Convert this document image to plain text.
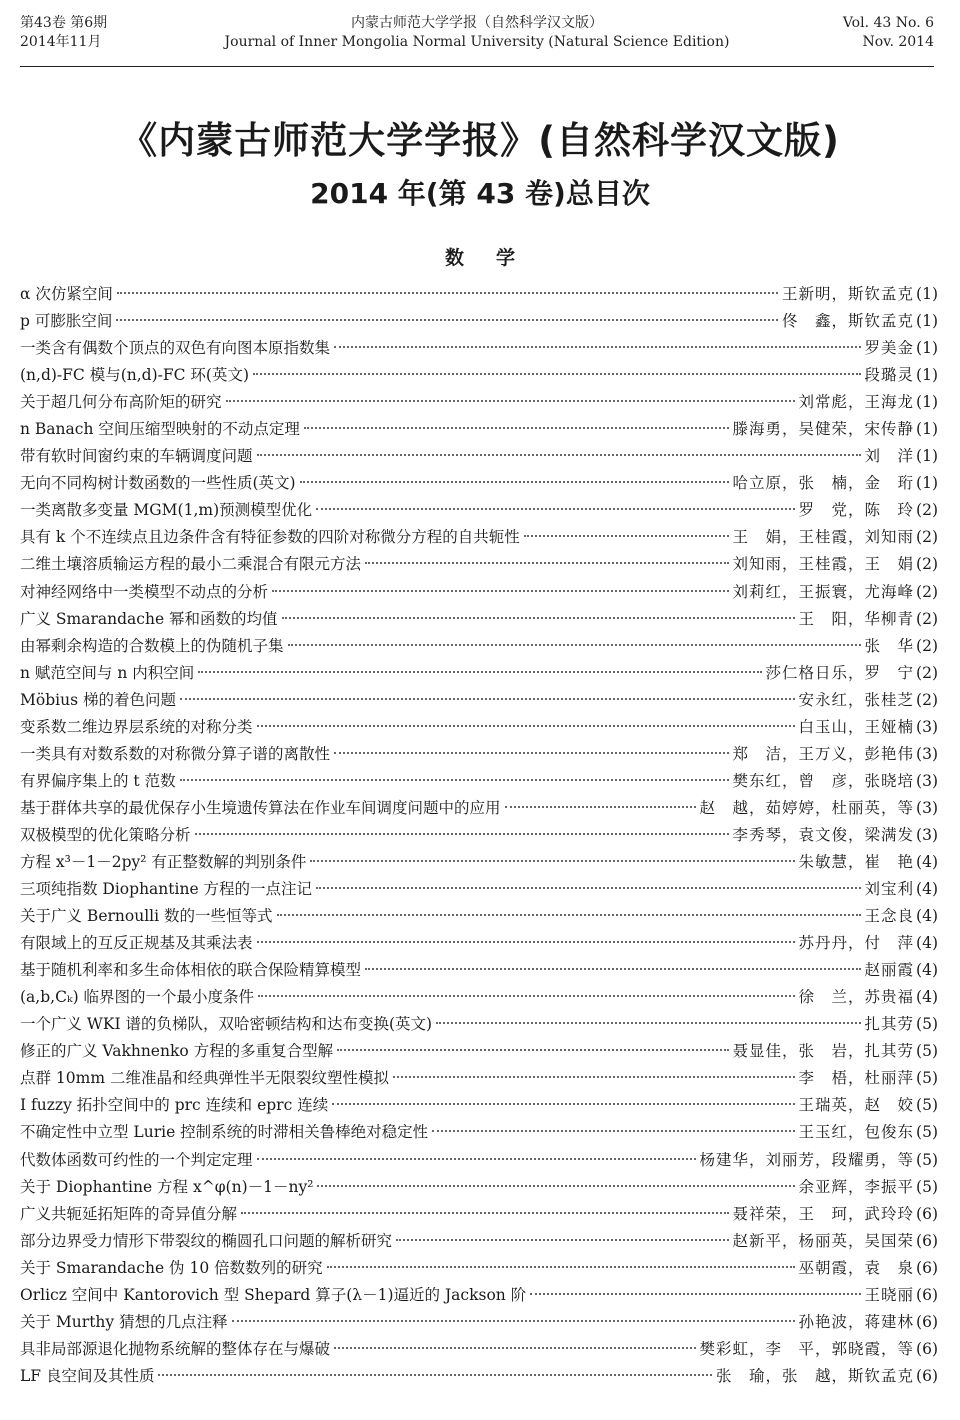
第43卷 第6期
2014年11月
内蒙古师范大学学报（自然科学汉文版）
Journal of Inner Mongolia Normal University (Natural Science Edition)
Vol. 43 No. 6
Nov. 2014
《内蒙古师范大学学报》(自然科学汉文版)
2014 年(第 43 卷)总目次
数学
α 次仿紧空间	王新明，斯钦孟克 (1)
p 可膨胀空间	佟　鑫，斯钦孟克 (1)
一类含有偶数个顶点的双色有向图本原指数集	罗美金 (1)
(n,d)-FC 模与(n,d)-FC 环(英文)	段璐灵 (1)
关于超几何分布高阶矩的研究	刘常彪，王海龙 (1)
n Banach 空间压缩型映射的不动点定理	滕海勇，吴健荣，宋传静 (1)
带有软时间窗约束的车辆调度问题	刘　洋 (1)
无向不同构树计数函数的一些性质(英文)	哈立原，张　楠，金　珩 (1)
一类离散多变量 MGM(1,m)预测模型优化	罗　党，陈　玲 (2)
具有 k 个不连续点且边条件含有特征参数的四阶对称微分方程的自共轭性	王　娟，王桂霞，刘知雨 (2)
二维土壤溶质输运方程的最小二乘混合有限元方法	刘知雨，王桂霞，王　娟 (2)
对神经网络中一类模型不动点的分析	刘莉红，王振寰，尤海峰 (2)
广义 Smarandache 幂和函数的均值	王　阳，华柳青 (2)
由幂剩余构造的合数模上的伪随机子集	张　华 (2)
n 赋范空间与 n 内积空间	莎仁格日乐，罗　宁 (2)
Möbius 梯的着色问题	安永红，张桂芝 (2)
变系数二维边界层系统的对称分类	白玉山，王娅楠 (3)
一类具有对数系数的对称微分算子谱的离散性	郑　洁，王万义，彭艳伟 (3)
有界偏序集上的 t 范数	樊东红，曾　彦，张晓培 (3)
基于群体共享的最优保存小生境遗传算法在作业车间调度问题中的应用	赵　越，茹婷婷，杜丽英，等 (3)
双极模型的优化策略分析	李秀琴，袁文俊，梁满发 (3)
方程 x³－1－2py² 有正整数解的判别条件	朱敏慧，崔　艳 (4)
三项纯指数 Diophantine 方程的一点注记	刘宝利 (4)
关于广义 Bernoulli 数的一些恒等式	王念良 (4)
有限域上的互反正规基及其乘法表	苏丹丹，付　萍 (4)
基于随机利率和多生命体相依的联合保险精算模型	赵丽霞 (4)
(a,b,Cₖ) 临界图的一个最小度条件	徐　兰，苏贵福 (4)
一个广义 WKI 谱的负梯队，双哈密顿结构和达布变换(英文)	扎其劳 (5)
修正的广义 Vakhnenko 方程的多重复合型解	聂显佳，张　岩，扎其劳 (5)
点群 10mm 二维准晶和经典弹性半无限裂纹塑性模拟	李　梧，杜丽萍 (5)
I fuzzy 拓扑空间中的 prc 连续和 eprc 连续	王瑞英，赵　姣 (5)
不确定性中立型 Lurie 控制系统的时滞相关鲁棒绝对稳定性	王玉红，包俊东 (5)
代数体函数可约性的一个判定定理	杨建华，刘丽芳，段耀勇，等 (5)
关于 Diophantine 方程 x^φ(n)－1－ny²	余亚辉，李振平 (5)
广义共轭延拓矩阵的奇异值分解	聂祥荣，王　珂，武玲玲 (6)
部分边界受力情形下带裂纹的椭圆孔口问题的解析研究	赵新平，杨丽英，吴国荣 (6)
关于 Smarandache 伪 10 倍数数列的研究	巫朝霞，袁　泉 (6)
Orlicz 空间中 Kantorovich 型 Shepard 算子(λ－1)逼近的 Jackson 阶	王晓丽 (6)
关于 Murthy 猜想的几点注释	孙艳波，蒋建林 (6)
具非局部源退化抛物系统解的整体存在与爆破	樊彩虹，李　平，郭晓霞，等 (6)
LF 良空间及其性质	张　瑜，张　越，斯钦孟克 (6)
